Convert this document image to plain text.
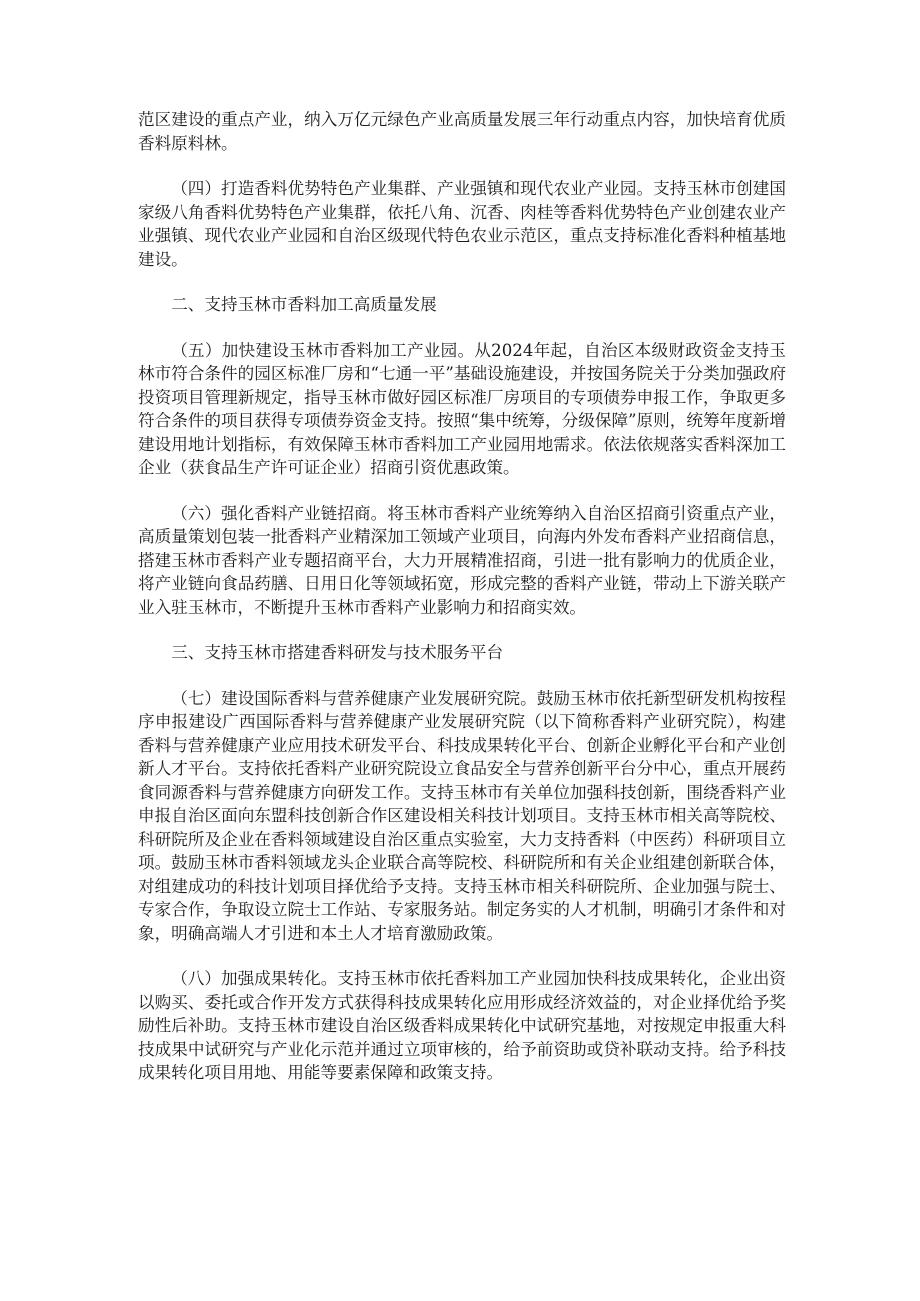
范区建设的重点产业，纳入万亿元绿色产业高质量发展三年行动重点内容，加快培育优质香料原料林。

（四）打造香料优势特色产业集群、产业强镇和现代农业产业园。支持玉林市创建国家级八角香料优势特色产业集群，依托八角、沉香、肉桂等香料优势特色产业创建农业产业强镇、现代农业产业园和自治区级现代特色农业示范区，重点支持标准化香料种植基地建设。

二、支持玉林市香料加工高质量发展

（五）加快建设玉林市香料加工产业园。从2024年起，自治区本级财政资金支持玉林市符合条件的园区标准厂房和“七通一平”基础设施建设，并按国务院关于分类加强政府投资项目管理新规定，指导玉林市做好园区标准厂房项目的专项债券申报工作，争取更多符合条件的项目获得专项债券资金支持。按照“集中统筹，分级保障”原则，统筹年度新增建设用地计划指标，有效保障玉林市香料加工产业园用地需求。依法依规落实香料深加工企业（获食品生产许可证企业）招商引资优惠政策。

（六）强化香料产业链招商。将玉林市香料产业统筹纳入自治区招商引资重点产业，高质量策划包装一批香料产业精深加工领域产业项目，向海内外发布香料产业招商信息，搭建玉林市香料产业专题招商平台，大力开展精准招商，引进一批有影响力的优质企业，将产业链向食品药膳、日用日化等领域拓宽，形成完整的香料产业链，带动上下游关联产业入驻玉林市，不断提升玉林市香料产业影响力和招商实效。

三、支持玉林市搭建香料研发与技术服务平台

（七）建设国际香料与营养健康产业发展研究院。鼓励玉林市依托新型研发机构按程序申报建设广西国际香料与营养健康产业发展研究院（以下简称香料产业研究院），构建香料与营养健康产业应用技术研发平台、科技成果转化平台、创新企业孵化平台和产业创新人才平台。支持依托香料产业研究院设立食品安全与营养创新平台分中心，重点开展药食同源香料与营养健康方向研发工作。支持玉林市有关单位加强科技创新，围绕香料产业申报自治区面向东盟科技创新合作区建设相关科技计划项目。支持玉林市相关高等院校、科研院所及企业在香料领域建设自治区重点实验室，大力支持香料（中医药）科研项目立项。鼓励玉林市香料领域龙头企业联合高等院校、科研院所和有关企业组建创新联合体，对组建成功的科技计划项目择优给予支持。支持玉林市相关科研院所、企业加强与院士、专家合作，争取设立院士工作站、专家服务站。制定务实的人才机制，明确引才条件和对象，明确高端人才引进和本土人才培育激励政策。

（八）加强成果转化。支持玉林市依托香料加工产业园加快科技成果转化，企业出资以购买、委托或合作开发方式获得科技成果转化应用形成经济效益的，对企业择优给予奖励性后补助。支持玉林市建设自治区级香料成果转化中试研究基地，对按规定申报重大科技成果中试研究与产业化示范并通过立项审核的，给予前资助或贷补联动支持。给予科技成果转化项目用地、用能等要素保障和政策支持。
